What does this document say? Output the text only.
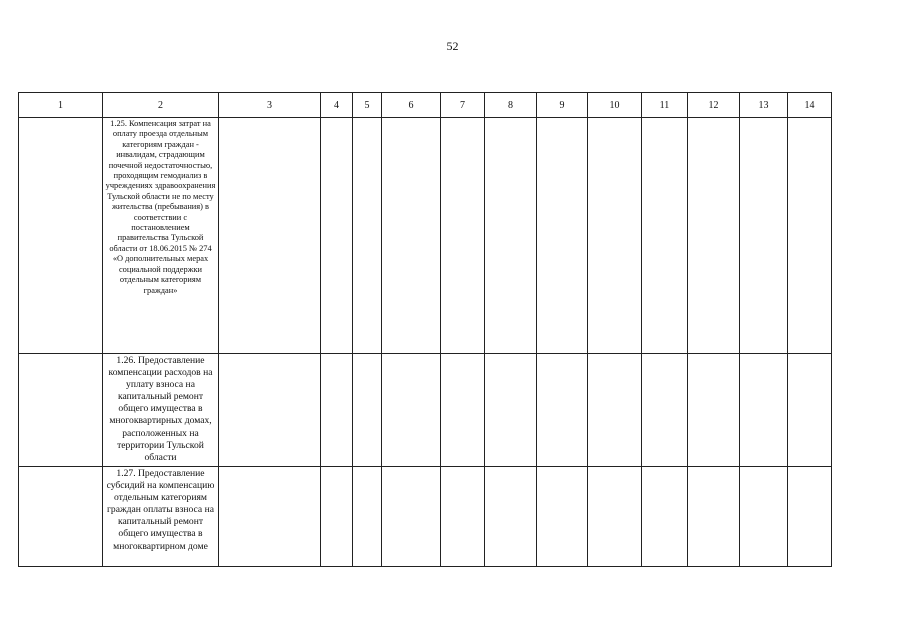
52
1	2	3	4	5	6	7	8	9	10	11	12	13	14
	1.25. Компенсация затрат на оплату проезда отдельным категориям граждан - инвалидам, страдающим почечной недостаточностью, проходящим гемодиализ в учреждениях здравоохранения Тульской области не по месту жительства (пребывания) в соответствии с постановлением правительства Тульской области от 18.06.2015 № 274 «О дополнительных мерах социальной поддержки отдельным категориям граждан»												
	1.26. Предоставление компенсации расходов на уплату взноса на капитальный ремонт общего имущества в многоквартирных домах, расположенных на территории Тульской области												
	1.27. Предоставление субсидий на компенсацию отдельным категориям граждан оплаты взноса на капитальный ремонт общего имущества в многоквартирном доме												
